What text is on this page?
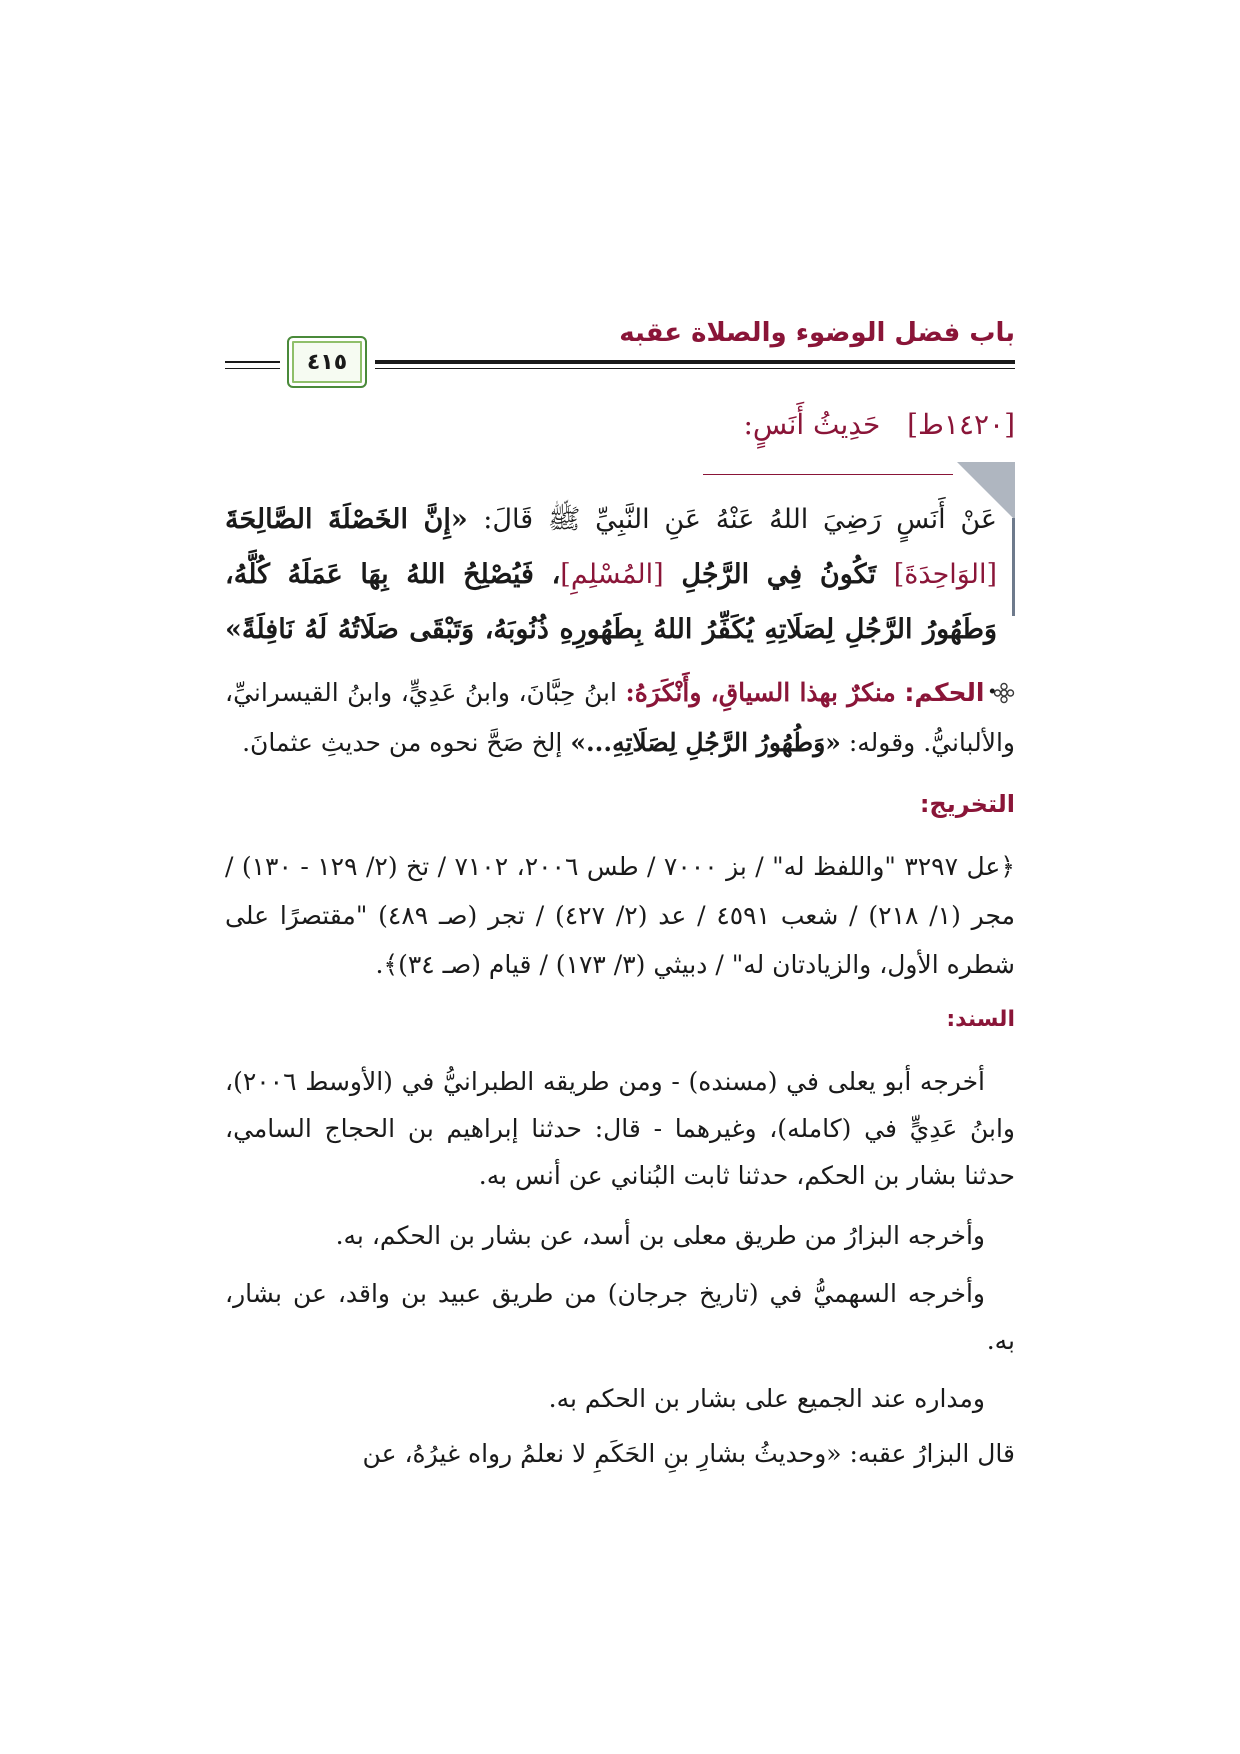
باب فضل الوضوء والصلاة عقبه
٤١٥
[١٤٢٠ط]   حَدِيثُ أَنَسٍ:
عَنْ أَنَسٍ رَضِيَ اللهُ عَنْهُ عَنِ النَّبِيِّ ﷺ قَالَ: «إِنَّ الخَصْلَةَ الصَّالِحَةَ [الوَاحِدَةَ] تَكُونُ فِي الرَّجُلِ [المُسْلِمِ]، فَيُصْلِحُ اللهُ بِهَا عَمَلَهُ كُلَّهُ، وَطَهُورُ الرَّجُلِ لِصَلَاتِهِ يُكَفِّرُ اللهُ بِطَهُورِهِ ذُنُوبَهُ، وَتَبْقَى صَلَاتُهُ لَهُ نَافِلَةً» .
الحكم: منكرٌ بهذا السياقِ، وأَنْكَرَهُ: ابنُ حِبَّانَ، وابنُ عَدِيٍّ، وابنُ القيسرانيِّ، والألبانيُّ. وقوله: «وَطُهُورُ الرَّجُلِ لِصَلَاتِهِ...» إلخ صَحَّ نحوه من حديثِ عثمانَ.
التخريج:
﴿عل ٣٢٩٧ "واللفظ له" / بز ٧٠٠٠ / طس ٢٠٠٦، ٧١٠٢ / تخ (٢/ ١٢٩ - ١٣٠) / مجر (١/ ٢١٨) / شعب ٤٥٩١ / عد (٢/ ٤٢٧) / تجر (صـ ٤٨٩) "مقتصرًا على شطره الأول، والزيادتان له" / دبيثي (٣/ ١٧٣) / قيام (صـ ٣٤)﴾.
السند:
أخرجه أبو يعلى في (مسنده) - ومن طريقه الطبرانيُّ في (الأوسط ٢٠٠٦)، وابنُ عَدِيٍّ في (كامله)، وغيرهما - قال: حدثنا إبراهيم بن الحجاج السامي، حدثنا بشار بن الحكم، حدثنا ثابت البُناني عن أنس به.
وأخرجه البزارُ من طريق معلى بن أسد، عن بشار بن الحكم، به.
وأخرجه السهميُّ في (تاريخ جرجان) من طريق عبيد بن واقد، عن بشار، به.
ومداره عند الجميع على بشار بن الحكم به.
قال البزارُ عقبه: «وحديثُ بشارِ بنِ الحَكَمِ لا نعلمُ رواه غيرُهُ، عن
